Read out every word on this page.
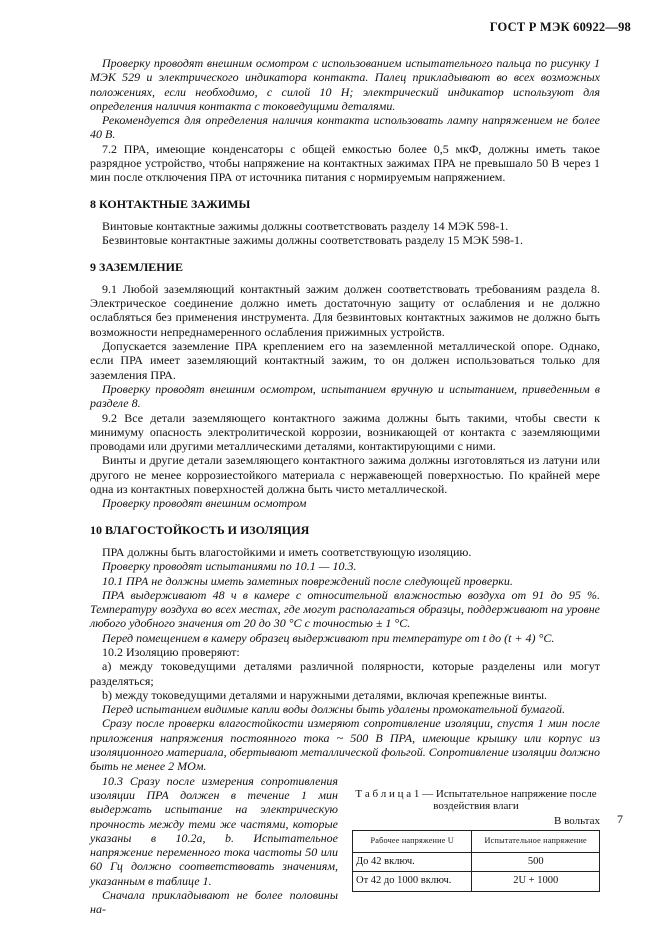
ГОСТ Р МЭК 60922—98

Проверку проводят внешним осмотром с использованием испытательного пальца по рисунку 1 МЭК 529 и электрического индикатора контакта. Палец прикладывают во всех возможных положениях, если необходимо, с силой 10 Н; электрический индикатор используют для определения наличия контакта с токоведущими деталями.

Рекомендуется для определения наличия контакта использовать лампу напряжением не более 40 В.

7.2 ПРА, имеющие конденсаторы с общей емкостью более 0,5 мкФ, должны иметь такое разрядное устройство, чтобы напряжение на контактных зажимах ПРА не превышало 50 В через 1 мин после отключения ПРА от источника питания с нормируемым напряжением.

8 КОНТАКТНЫЕ ЗАЖИМЫ

Винтовые контактные зажимы должны соответствовать разделу 14 МЭК 598-1.

Безвинтовые контактные зажимы должны соответствовать разделу 15 МЭК 598-1.

9 ЗАЗЕМЛЕНИЕ

9.1 Любой заземляющий контактный зажим должен соответствовать требованиям раздела 8. Электрическое соединение должно иметь достаточную защиту от ослабления и не должно ослабляться без применения инструмента. Для безвинтовых контактных зажимов не должно быть возможности непреднамеренного ослабления прижимных устройств.

Допускается заземление ПРА креплением его на заземленной металлической опоре. Однако, если ПРА имеет заземляющий контактный зажим, то он должен использоваться только для заземления ПРА.

Проверку проводят внешним осмотром, испытанием вручную и испытанием, приведенным в разделе 8.

9.2 Все детали заземляющего контактного зажима должны быть такими, чтобы свести к минимуму опасность электролитической коррозии, возникающей от контакта с заземляющими проводами или другими металлическими деталями, контактирующими с ними.

Винты и другие детали заземляющего контактного зажима должны изготовляться из латуни или другого не менее коррозиестойкого материала с нержавеющей поверхностью. По крайней мере одна из контактных поверхностей должна быть чисто металлической.

Проверку проводят внешним осмотром

10 ВЛАГОСТОЙКОСТЬ И ИЗОЛЯЦИЯ

ПРА должны быть влагостойкими и иметь соответствующую изоляцию.

Проверку проводят испытаниями по 10.1 — 10.3.

10.1 ПРА не должны иметь заметных повреждений после следующей проверки.

ПРА выдерживают 48 ч в камере с относительной влажностью воздуха от 91 до 95 %. Температуру воздуха во всех местах, где могут располагаться образцы, поддерживают на уровне любого удобного значения от 20 до 30 °С с точностью ± 1 °С.

Перед помещением в камеру образец выдерживают при температуре от t до (t + 4) °С.

10.2 Изоляцию проверяют:

а) между токоведущими деталями различной полярности, которые разделены или могут разделяться;

b) между токоведущими деталями и наружными деталями, включая крепежные винты.

Перед испытанием видимые капли воды должны быть удалены промокательной бумагой.

Сразу после проверки влагостойкости измеряют сопротивление изоляции, спустя 1 мин после приложения напряжения постоянного тока ~ 500 В ПРА, имеющие крышку или корпус из изоляционного материала, обертывают металлической фольгой. Сопротивление изоляции должно быть не менее 2 МОм.

10.3 Сразу после измерения сопротивления изоляции ПРА должен в течение 1 мин выдержать испытание на электрическую прочность между теми же частями, которые указаны в 10.2а, b. Испытательное напряжение переменного тока частоты 50 или 60 Гц должно соответствовать значениям, указанным в таблице 1.

Сначала прикладывают не более половины на-

Т а б л и ц а 1 — Испытательное напряжение после воздействия влаги
В вольтах
Рабочее напряжение U	Испытательное напряжение
До 42 включ.	500
От 42 до 1000 включ.	2U + 1000
7
